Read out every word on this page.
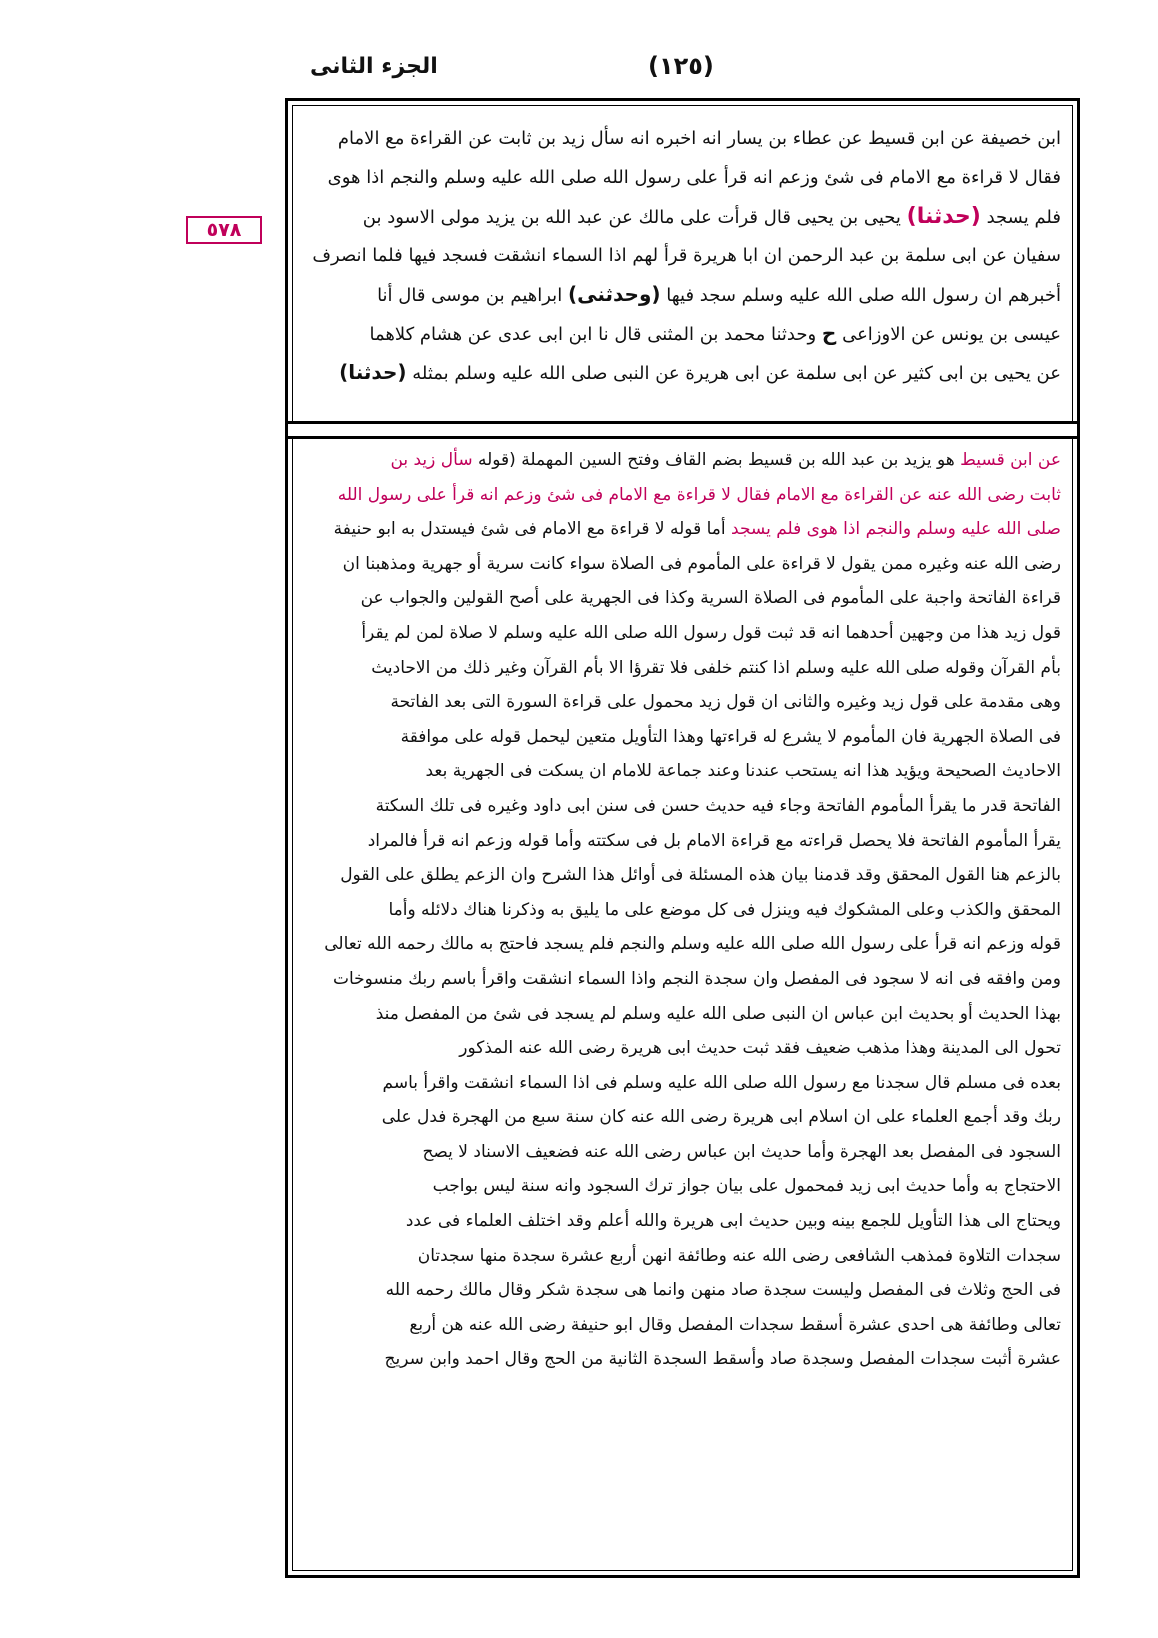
الجزء الثانى	(١٢٥)
٥٧٨
ابن خصيفة عن ابن قسيط عن عطاء بن يسار انه اخبره انه سأل زيد بن ثابت عن القراءة مع الامام
فقال لا قراءة مع الامام فى شئ وزعم انه قرأ على رسول الله صلى الله عليه وسلم والنجم اذا هوى
فلم يسجد (حدثنا) يحيى بن يحيى قال قرأت على مالك عن عبد الله بن يزيد مولى الاسود بن
سفيان عن ابى سلمة بن عبد الرحمن ان ابا هريرة قرأ لهم اذا السماء انشقت فسجد فيها فلما انصرف
أخبرهم ان رسول الله صلى الله عليه وسلم سجد فيها (وحدثنى) ابراهيم بن موسى قال أنا
عيسى بن يونس عن الاوزاعى ح وحدثنا محمد بن المثنى قال نا ابن ابى عدى عن هشام كلاهما
عن يحيى بن ابى كثير عن ابى سلمة عن ابى هريرة عن النبى صلى الله عليه وسلم بمثله (حدثنا)
عن ابن قسيط هو يزيد بن عبد الله بن قسيط بضم القاف وفتح السين المهملة (قوله سأل زيد بن
ثابت رضى الله عنه عن القراءة مع الامام فقال لا قراءة مع الامام فى شئ وزعم انه قرأ على رسول الله
صلى الله عليه وسلم والنجم اذا هوى فلم يسجد أما قوله لا قراءة مع الامام فى شئ فيستدل به ابو حنيفة
رضى الله عنه وغيره ممن يقول لا قراءة على المأموم فى الصلاة سواء كانت سرية أو جهرية ومذهبنا ان
قراءة الفاتحة واجبة على المأموم فى الصلاة السرية وكذا فى الجهرية على أصح القولين والجواب عن
قول زيد هذا من وجهين أحدهما انه قد ثبت قول رسول الله صلى الله عليه وسلم لا صلاة لمن لم يقرأ
بأم القرآن وقوله صلى الله عليه وسلم اذا كنتم خلفى فلا تقرؤا الا بأم القرآن وغير ذلك من الاحاديث
وهى مقدمة على قول زيد وغيره والثانى ان قول زيد محمول على قراءة السورة التى بعد الفاتحة
فى الصلاة الجهرية فان المأموم لا يشرع له قراءتها وهذا التأويل متعين ليحمل قوله على موافقة
الاحاديث الصحيحة ويؤيد هذا انه يستحب عندنا وعند جماعة للامام ان يسكت فى الجهرية بعد
الفاتحة قدر ما يقرأ المأموم الفاتحة وجاء فيه حديث حسن فى سنن ابى داود وغيره فى تلك السكتة
يقرأ المأموم الفاتحة فلا يحصل قراءته مع قراءة الامام بل فى سكتته وأما قوله وزعم انه قرأ فالمراد
بالزعم هنا القول المحقق وقد قدمنا بيان هذه المسئلة فى أوائل هذا الشرح وان الزعم يطلق على القول
المحقق والكذب وعلى المشكوك فيه وينزل فى كل موضع على ما يليق به وذكرنا هناك دلائله وأما
قوله وزعم انه قرأ على رسول الله صلى الله عليه وسلم والنجم فلم يسجد فاحتج به مالك رحمه الله تعالى
ومن وافقه فى انه لا سجود فى المفصل وان سجدة النجم واذا السماء انشقت واقرأ باسم ربك منسوخات
بهذا الحديث أو بحديث ابن عباس ان النبى صلى الله عليه وسلم لم يسجد فى شئ من المفصل منذ
تحول الى المدينة وهذا مذهب ضعيف فقد ثبت حديث ابى هريرة رضى الله عنه المذكور
بعده فى مسلم قال سجدنا مع رسول الله صلى الله عليه وسلم فى اذا السماء انشقت واقرأ باسم
ربك وقد أجمع العلماء على ان اسلام ابى هريرة رضى الله عنه كان سنة سبع من الهجرة فدل على
السجود فى المفصل بعد الهجرة وأما حديث ابن عباس رضى الله عنه فضعيف الاسناد لا يصح
الاحتجاج به وأما حديث ابى زيد فمحمول على بيان جواز ترك السجود وانه سنة ليس بواجب
ويحتاج الى هذا التأويل للجمع بينه وبين حديث ابى هريرة والله أعلم وقد اختلف العلماء فى عدد
سجدات التلاوة فمذهب الشافعى رضى الله عنه وطائفة انهن أربع عشرة سجدة منها سجدتان
فى الحج وثلاث فى المفصل وليست سجدة صاد منهن وانما هى سجدة شكر وقال مالك رحمه الله
تعالى وطائفة هى احدى عشرة أسقط سجدات المفصل وقال ابو حنيفة رضى الله عنه هن أربع
عشرة أثبت سجدات المفصل وسجدة صاد وأسقط السجدة الثانية من الحج وقال احمد وابن سريج
